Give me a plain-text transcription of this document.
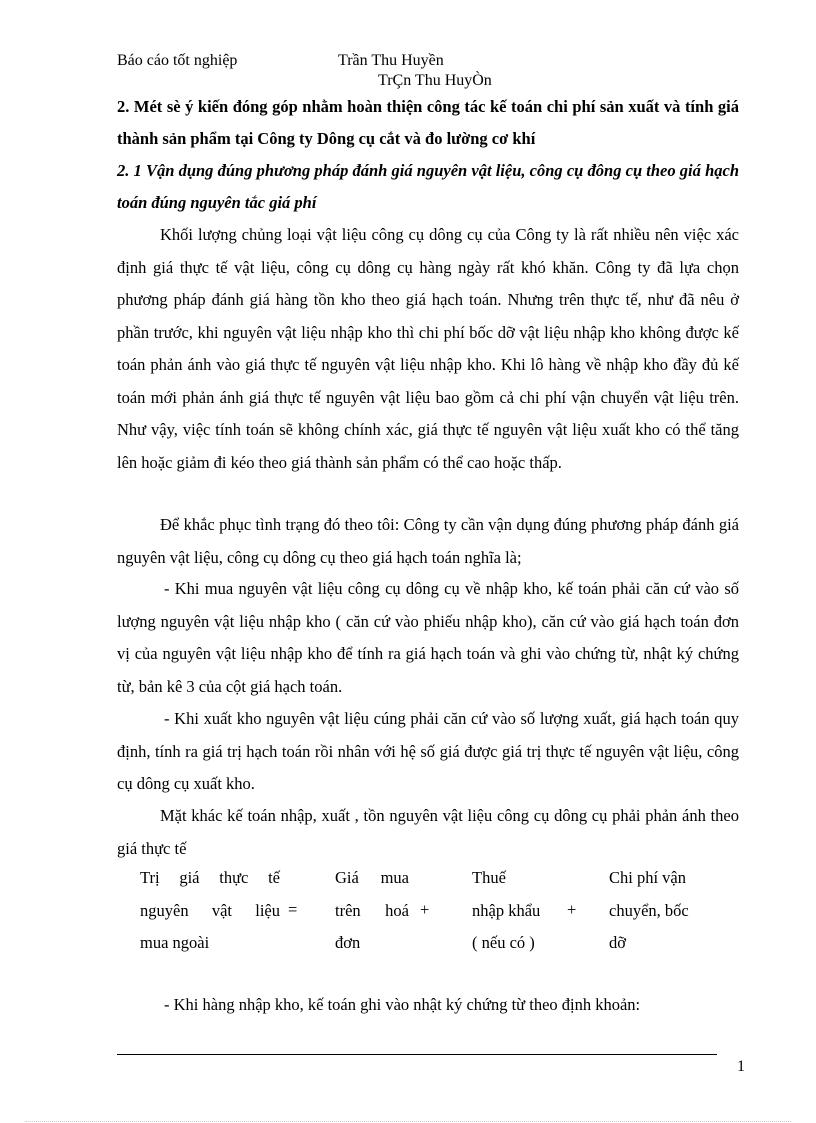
Báo cáo tốt nghiệp	Trần Thu Huyền
TrÇn Thu HuyÒn
2. Mét sè ý kiến đóng góp nhằm hoàn thiện công tác kế toán chi phí sản xuất và tính giá thành sản phẩm tại Công ty Dông cụ cắt và đo lường cơ khí
2. 1 Vận dụng đúng phương pháp đánh giá nguyên vật liệu, công cụ đông cụ theo giá hạch toán đúng nguyên tắc giá phí
Khối lượng chủng loại vật liệu công cụ dông cụ của Công ty là rất nhiều nên việc xác định giá thực tế vật liệu, công cụ dông cụ hàng ngày rất khó khăn. Công ty đã lựa chọn phương pháp đánh giá hàng tồn kho theo giá hạch toán. Nhưng trên thực tế, như đã nêu ở phần trước, khi nguyên vật liệu nhập kho thì chi phí bốc dỡ vật liệu nhập kho không được kế toán phản ánh vào giá thực tế nguyên vật liệu nhập kho. Khi lô hàng về nhập kho đầy đủ kế toán mới phản ánh giá thực tế nguyên vật liệu bao gồm cả chi phí vận chuyển vật liệu trên. Như vậy, việc tính toán sẽ không chính xác, giá thực tế nguyên vật liệu xuất kho có thể tăng lên hoặc giảm đi kéo theo giá thành sản phẩm có thể cao hoặc thấp.
Để khắc phục tình trạng đó theo tôi: Công ty cần vận dụng đúng phương pháp đánh giá nguyên vật liệu, công cụ dông cụ theo giá hạch toán nghĩa là;
- Khi mua nguyên vật liệu công cụ dông cụ về nhập kho, kế toán phải căn cứ vào số lượng nguyên vật liệu nhập kho ( căn cứ vào phiếu nhập kho), căn cứ vào giá hạch toán đơn vị của nguyên vật liệu nhập kho để tính ra giá hạch toán và ghi vào chứng từ, nhật ký chứng từ, bản kê 3 của cột giá hạch toán.
- Khi xuất kho nguyên vật liệu cúng phải căn cứ vào số lượng xuất, giá hạch toán quy định, tính ra giá trị hạch toán rồi nhân với hệ số giá được giá trị thực tế nguyên vật liệu, công cụ dông cụ xuất kho.
Mặt khác kế toán nhập, xuất , tồn nguyên vật liệu công cụ dông cụ phải phản ánh theo giá thực tế
Trị giá thực tế
nguyên vật liệu
mua ngoài
=
Giá mua
trên hoá
đơn
+
Thuế
nhập khẩu
( nếu có )
+
Chi phí vận
chuyển, bốc
dỡ
- Khi hàng nhập kho, kế toán ghi vào nhật ký chứng từ theo định khoản:
1
